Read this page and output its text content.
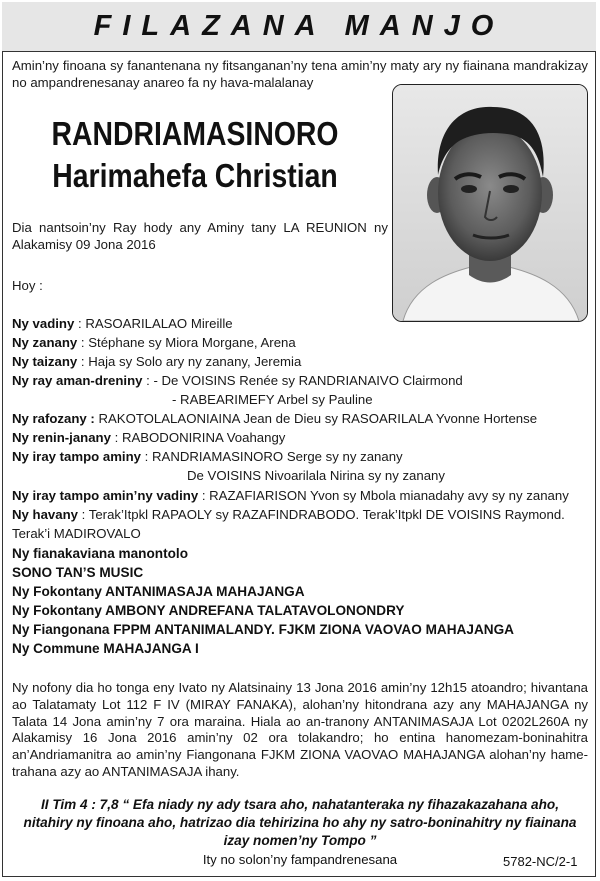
FILAZANA MANJO
Amin’ny finoana sy fanantenana ny fitsanganan’ny tena amin’ny maty ary ny fiainana mandrakizay no ampandrenesanay anareo fa ny hava-malalanay
RANDRIAMASINORO
Harimahefa Christian
Dia nantsoin’ny Ray hody any Aminy tany LA REUNION ny Alakamisy 09 Jona 2016
Hoy :
Ny vadiny : RASOARILALAO Mireille
Ny zanany : Stéphane sy Miora Morgane, Arena
Ny taizany : Haja sy Solo ary ny zanany, Jeremia
Ny ray aman-dreniny : - De VOISINS Renée sy RANDRIANAIVO Clairmond
- RABEARIMEFY Arbel sy Pauline
Ny rafozany : RAKOTOLALAONIAINA Jean de Dieu sy RASOARILALA Yvonne Hortense
Ny renin-janany : RABODONIRINA Voahangy
Ny iray tampo aminy : RANDRIAMASINORO Serge sy ny zanany
De VOISINS Nivoarilala Nirina sy ny zanany
Ny iray tampo amin’ny vadiny : RAZAFIARISON Yvon sy Mbola mianadahy avy sy ny zanany
Ny havany : Terak’Itpkl RAPAOLY sy RAZAFINDRABODO. Terak’Itpkl DE VOISINS Raymond.
Terak’i MADIROVALO
Ny fianakaviana manontolo
SONO TAN’S MUSIC
Ny Fokontany ANTANIMASAJA MAHAJANGA
Ny Fokontany AMBONY ANDREFANA TALATAVOLONONDRY
Ny Fiangonana FPPM ANTANIMALANDY. FJKM ZIONA VAOVAO MAHAJANGA
Ny Commune MAHAJANGA I
Ny nofony dia ho tonga eny Ivato ny Alatsinainy 13 Jona 2016 amin’ny 12h15 atoandro; hivantana ao Talatamaty Lot 112 F IV (MIRAY FANAKA), alohan’ny hitondrana azy any MAHAJANGA ny Talata 14 Jona amin’ny 7 ora maraina. Hiala ao an-tranony ANTANIMASAJA Lot 0202L260A ny Alakamisy 16 Jona 2016 amin’ny 02 ora tolakandro; ho entina hanomezam-boninahitra an’Andriamanitra ao amin’ny Fiangonana FJKM ZIONA VAOVAO MAHAJANGA alohan’ny hame-trahana azy ao ANTANIMASAJA ihany.
II Tim 4 : 7,8 “ Efa niady ny ady tsara aho, nahatanteraka ny fihazakazahana aho,
nitahiry ny finoana aho, hatrizao dia tehirizina ho ahy ny satro-boninahitry ny fiainana
izay nomen’ny Tompo ”
Ity no solon’ny fampandrenesana	5782-NC/2-1
